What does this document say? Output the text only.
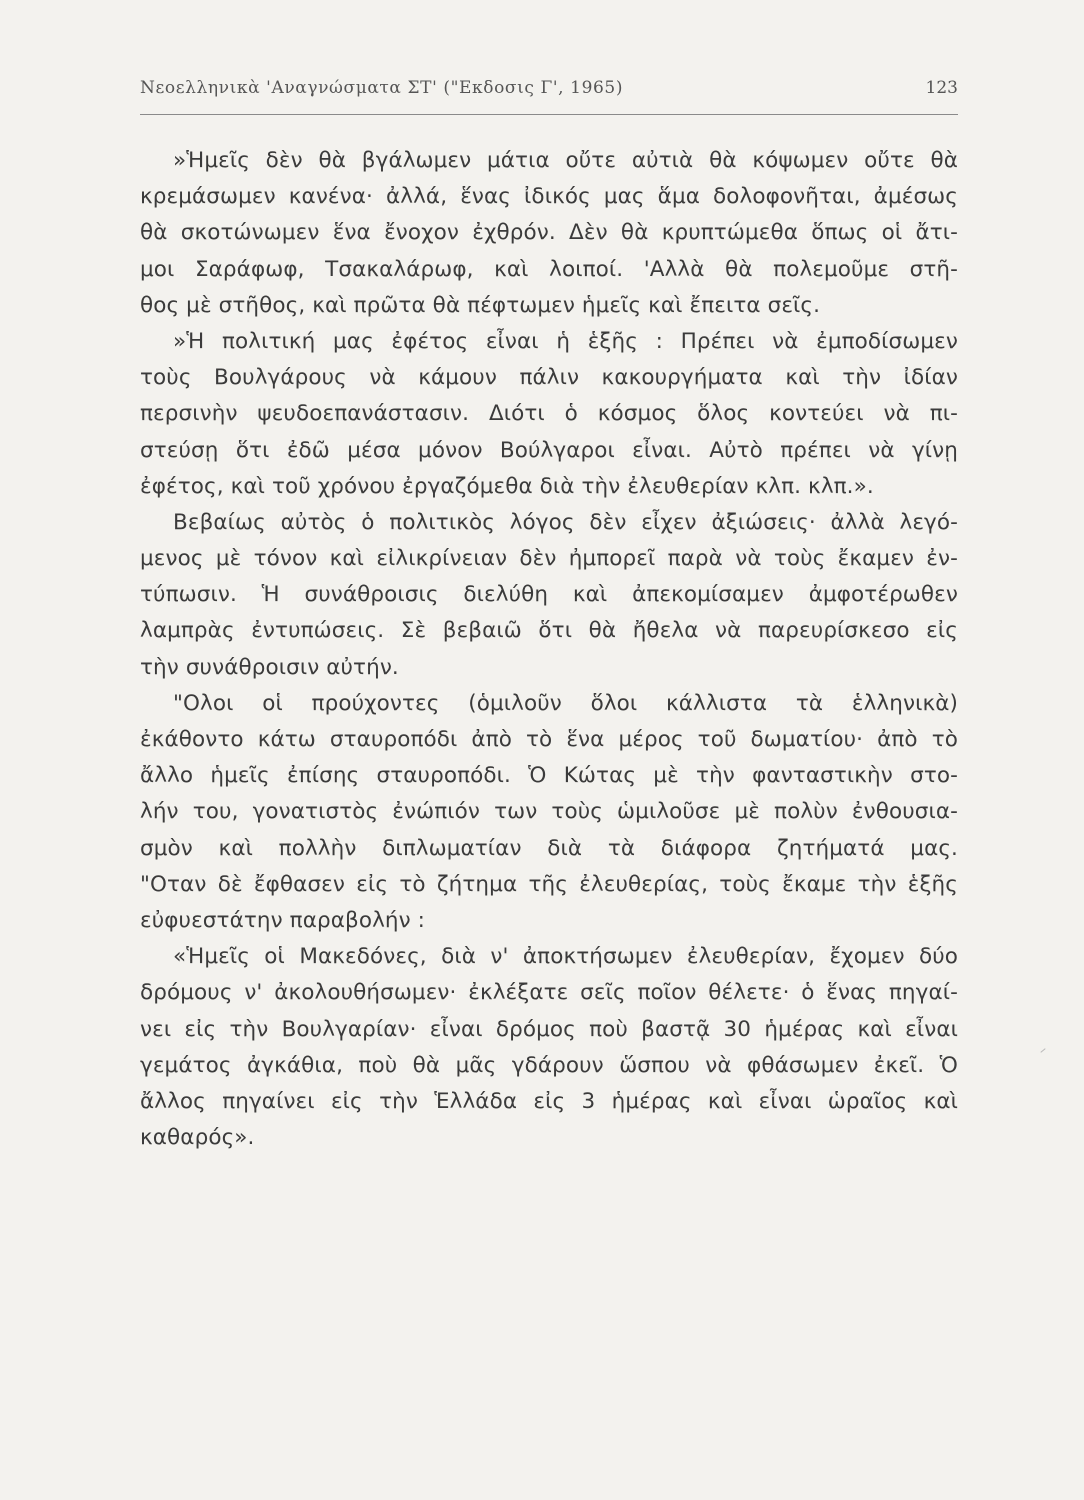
Νεοελληνικὰ 'Αναγνώσματα ΣΤ' ("Εκδοσις Γ', 1965)	123
»Ἡμεῖς δὲν θὰ βγάλωμεν μάτια οὔτε αὐτιὰ θὰ κόψωμεν οὔτε θὰ
κρεμάσωμεν κανένα· ἀλλά, ἕνας ἰδικός μας ἅμα δολοφονῆται, ἀμέσως
θὰ σκοτώνωμεν ἕνα ἔνοχον ἐχθρόν. Δὲν θὰ κρυπτώμεθα ὅπως οἱ ἄτι-
μοι Σαράφωφ, Τσακαλάρωφ, καὶ λοιποί. 'Αλλὰ θὰ πολεμοῦμε στῆ-
θος μὲ στῆθος, καὶ πρῶτα θὰ πέφτωμεν ἡμεῖς καὶ ἔπειτα σεῖς.
»Ἡ πολιτική μας ἐφέτος εἶναι ἡ ἑξῆς : Πρέπει νὰ ἐμποδίσωμεν
τοὺς Βουλγάρους νὰ κάμουν πάλιν κακουργήματα καὶ τὴν ἰδίαν
περσινὴν ψευδοεπανάστασιν. Διότι ὁ κόσμος ὅλος κοντεύει νὰ πι-
στεύσῃ ὅτι ἐδῶ μέσα μόνον Βούλγαροι εἶναι. Αὐτὸ πρέπει νὰ γίνῃ
ἐφέτος, καὶ τοῦ χρόνου ἐργαζόμεθα διὰ τὴν ἐλευθερίαν κλπ. κλπ.».
Βεβαίως αὐτὸς ὁ πολιτικὸς λόγος δὲν εἶχεν ἀξιώσεις· ἀλλὰ λεγό-
μενος μὲ τόνον καὶ εἰλικρίνειαν δὲν ἠμπορεῖ παρὰ νὰ τοὺς ἔκαμεν ἐν-
τύπωσιν. Ἡ συνάθροισις διελύθη καὶ ἀπεκομίσαμεν ἀμφοτέρωθεν
λαμπρὰς ἐντυπώσεις. Σὲ βεβαιῶ ὅτι θὰ ἤθελα νὰ παρευρίσκεσο εἰς
τὴν συνάθροισιν αὐτήν.
"Ολοι οἱ προύχοντες (ὁμιλοῦν ὅλοι κάλλιστα τὰ ἑλληνικὰ)
ἐκάθοντο κάτω σταυροπόδι ἀπὸ τὸ ἕνα μέρος τοῦ δωματίου· ἀπὸ τὸ
ἄλλο ἡμεῖς ἐπίσης σταυροπόδι. Ὁ Κώτας μὲ τὴν φανταστικὴν στο-
λήν του, γονατιστὸς ἐνώπιόν των τοὺς ὡμιλοῦσε μὲ πολὺν ἐνθουσια-
σμὸν καὶ πολλὴν διπλωματίαν διὰ τὰ διάφορα ζητήματά μας.
"Οταν δὲ ἔφθασεν εἰς τὸ ζήτημα τῆς ἐλευθερίας, τοὺς ἔκαμε τὴν ἑξῆς
εὐφυεστάτην παραβολήν :
«Ἡμεῖς οἱ Μακεδόνες, διὰ ν' ἀποκτήσωμεν ἐλευθερίαν, ἔχομεν δύο
δρόμους ν' ἀκολουθήσωμεν· ἐκλέξατε σεῖς ποῖον θέλετε· ὁ ἕνας πηγαί-
νει εἰς τὴν Βουλγαρίαν· εἶναι δρόμος ποὺ βαστᾷ 30 ἡμέρας καὶ εἶναι
γεμάτος ἀγκάθια, ποὺ θὰ μᾶς γδάρουν ὥσπου νὰ φθάσωμεν ἐκεῖ. Ὁ
ἄλλος πηγαίνει εἰς τὴν Ἑλλάδα εἰς 3 ἡμέρας καὶ εἶναι ὡραῖος καὶ
καθαρός».
